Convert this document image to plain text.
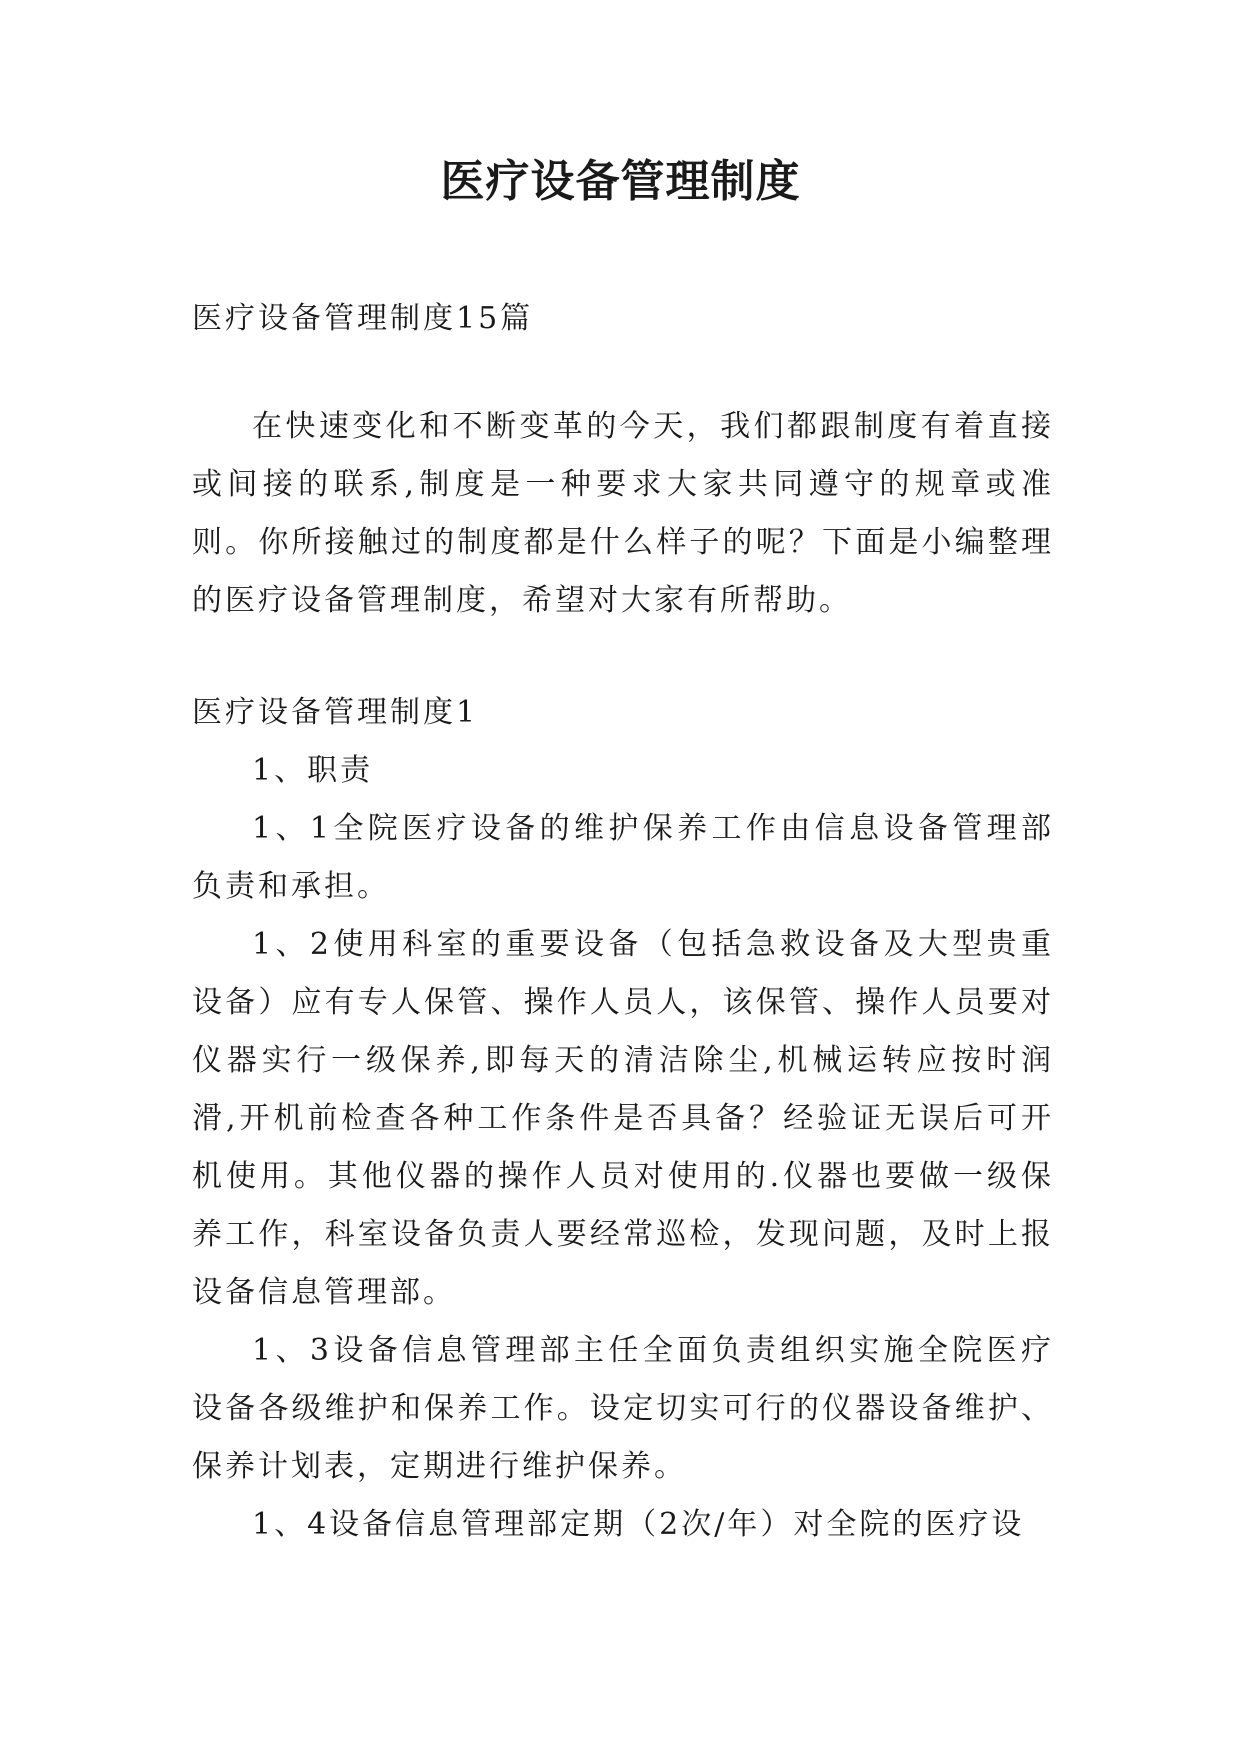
医疗设备管理制度

医疗设备管理制度15篇

在快速变化和不断变革的今天，我们都跟制度有着直接或间接的联系,制度是一种要求大家共同遵守的规章或准则。你所接触过的制度都是什么样子的呢？下面是小编整理的医疗设备管理制度，希望对大家有所帮助。

医疗设备管理制度1

1、职责

1、1全院医疗设备的维护保养工作由信息设备管理部负责和承担。

1、2使用科室的重要设备（包括急救设备及大型贵重设备）应有专人保管、操作人员人，该保管、操作人员要对仪器实行一级保养,即每天的清洁除尘,机械运转应按时润滑,开机前检查各种工作条件是否具备？经验证无误后可开机使用。其他仪器的操作人员对使用的.仪器也要做一级保养工作，科室设备负责人要经常巡检，发现问题，及时上报设备信息管理部。

1、3设备信息管理部主任全面负责组织实施全院医疗设备各级维护和保养工作。设定切实可行的仪器设备维护、保养计划表，定期进行维护保养。

1、4设备信息管理部定期（2次/年）对全院的医疗设
